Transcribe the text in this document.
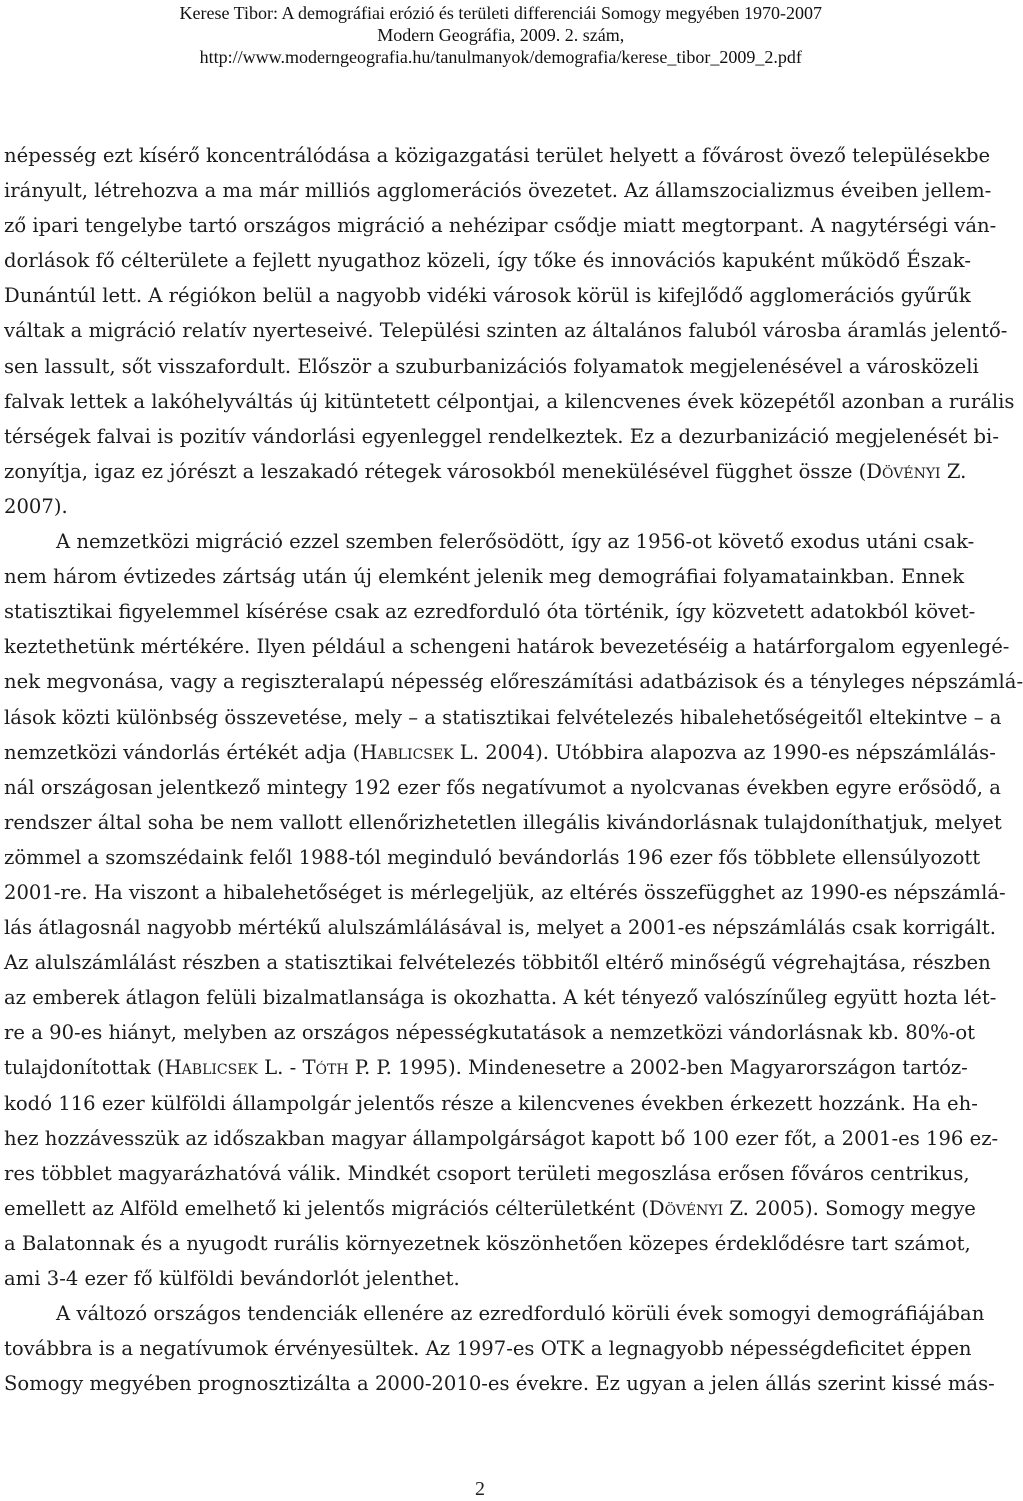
Kerese Tibor: A demográfiai erózió és területi differenciái Somogy megyében 1970-2007
Modern Geográfia, 2009. 2. szám,
http://www.moderngeografia.hu/tanulmanyok/demografia/kerese_tibor_2009_2.pdf
népesség ezt kísérő koncentrálódása a közigazgatási terület helyett a fővárost övező településekbe
irányult, létrehozva a ma már milliós agglomerációs övezetet. Az államszocializmus éveiben jellem-
ző ipari tengelybe tartó országos migráció a nehézipar csődje miatt megtorpant. A nagytérségi ván-
dorlások fő célterülete a fejlett nyugathoz közeli, így tőke és innovációs kapuként működő Észak-
Dunántúl lett. A régiókon belül a nagyobb vidéki városok körül is kifejlődő agglomerációs gyűrűk
váltak a migráció relatív nyerteseivé. Települési szinten az általános faluból városba áramlás jelentő-
sen lassult, sőt visszafordult. Először a szuburbanizációs folyamatok megjelenésével a városközeli
falvak lettek a lakóhelyváltás új kitüntetett célpontjai, a kilencvenes évek közepétől azonban a rurális
térségek falvai is pozitív vándorlási egyenleggel rendelkeztek. Ez a dezurbanizáció megjelenését bi-
zonyítja, igaz ez jórészt a leszakadó rétegek városokból menekülésével függhet össze (Dövényi Z.
2007).
A nemzetközi migráció ezzel szemben felerősödött, így az 1956-ot követő exodus utáni csak-
nem három évtizedes zártság után új elemként jelenik meg demográfiai folyamatainkban. Ennek
statisztikai figyelemmel kísérése csak az ezredforduló óta történik, így közvetett adatokból követ-
keztethetünk mértékére. Ilyen például a schengeni határok bevezetéséig a határforgalom egyenlegé-
nek megvonása, vagy a regiszteralapú népesség előreszámítási adatbázisok és a tényleges népszámlá-
lások közti különbség összevetése, mely – a statisztikai felvételezés hibalehetőségeitől eltekintve – a
nemzetközi vándorlás értékét adja (Hablicsek L. 2004). Utóbbira alapozva az 1990-es népszámlálás-
nál országosan jelentkező mintegy 192 ezer fős negatívumot a nyolcvanas években egyre erősödő, a
rendszer által soha be nem vallott ellenőrizhetetlen illegális kivándorlásnak tulajdoníthatjuk, melyet
zömmel a szomszédaink felől 1988-tól meginduló bevándorlás 196 ezer fős többlete ellensúlyozott
2001-re. Ha viszont a hibalehetőséget is mérlegeljük, az eltérés összefügghet az 1990-es népszámlá-
lás átlagosnál nagyobb mértékű alulszámlálásával is, melyet a 2001-es népszámlálás csak korrigált.
Az alulszámlálást részben a statisztikai felvételezés többitől eltérő minőségű végrehajtása, részben
az emberek átlagon felüli bizalmatlansága is okozhatta. A két tényező valószínűleg együtt hozta lét-
re a 90-es hiányt, melyben az országos népességkutatások a nemzetközi vándorlásnak kb. 80%-ot
tulajdonítottak (Hablicsek L. - Tóth P. P. 1995). Mindenesetre a 2002-ben Magyarországon tartóz-
kodó 116 ezer külföldi állampolgár jelentős része a kilencvenes években érkezett hozzánk. Ha eh-
hez hozzávesszük az időszakban magyar állampolgárságot kapott bő 100 ezer főt, a 2001-es 196 ez-
res többlet magyarázhatóvá válik. Mindkét csoport területi megoszlása erősen főváros centrikus,
emellett az Alföld emelhető ki jelentős migrációs célterületként (Dövényi Z. 2005). Somogy megye
a Balatonnak és a nyugodt rurális környezetnek köszönhetően közepes érdeklődésre tart számot,
ami 3-4 ezer fő külföldi bevándorlót jelenthet.
A változó országos tendenciák ellenére az ezredforduló körüli évek somogyi demográfiájában
továbbra is a negatívumok érvényesültek. Az 1997-es OTK a legnagyobb népességdeficitet éppen
Somogy megyében prognosztizálta a 2000-2010-es évekre. Ez ugyan a jelen állás szerint kissé más-
2
